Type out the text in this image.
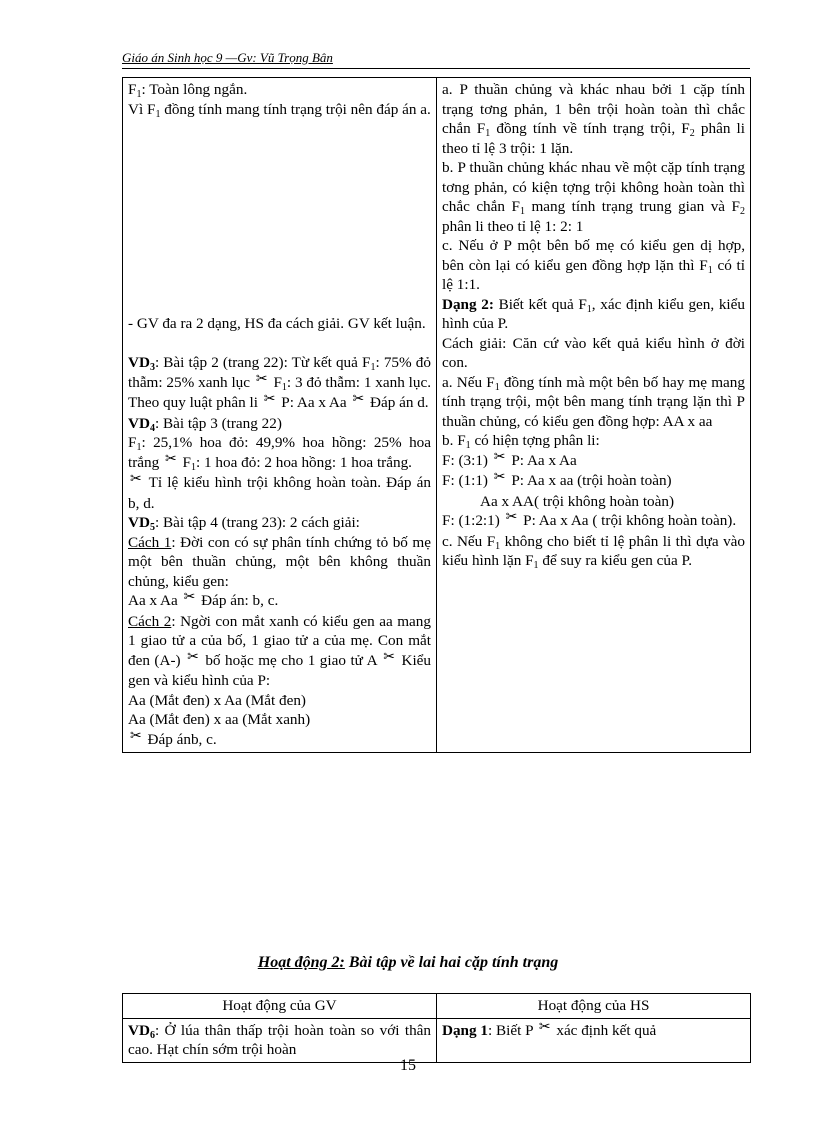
Giáo án Sinh học 9 —Gv: Vũ Trọng Bân

$F_1$: Toàn lông ngắn.

Vì $F_1$ đồng tính mang tính trạng trội nên đáp án a.

- GV đa ra 2 dạng, HS đa cách giải. GV kết luận.

$VD_3$: Bài tập 2 (trang 22): Từ kết quả $F_1$: 75% đỏ thẫm: 25% xanh lục ✂ $F_1$: 3 đỏ thẫm: 1 xanh lục. Theo quy luật phân li ✂ P: Aa x Aa ✂ Đáp án d.

$VD_4$: Bài tập 3 (trang 22)

$F_1$: 25,1% hoa đỏ: 49,9% hoa hồng: 25% hoa trắng ✂ $F_1$: 1 hoa đỏ: 2 hoa hồng: 1 hoa trắng.

✂ Tỉ lệ kiểu hình trội không hoàn toàn. Đáp án b, d.

$VD_5$: Bài tập 4 (trang 23): 2 cách giải:

Cách 1: Đời con có sự phân tính chứng tỏ bố mẹ một bên thuần chủng, một bên không thuần chủng, kiểu gen:

Aa x Aa ✂ Đáp án: b, c.

Cách 2: Ngời con mắt xanh có kiểu gen aa mang 1 giao tử a của bố, 1 giao tử a của mẹ. Con mắt đen (A-) ✂ bố hoặc mẹ cho 1 giao tử A ✂ Kiểu gen và kiểu hình của P:

Aa (Mắt đen) x Aa (Mắt đen)

Aa (Mắt đen) x aa (Mắt xanh)

✂ Đáp ánb, c.

a. P thuần chủng và khác nhau bởi 1 cặp tính trạng tơng phản, 1 bên trội hoàn toàn thì chắc chắn $F_1$ đồng tính về tính trạng trội, $F_2$ phân li theo tỉ lệ 3 trội: 1 lặn.

b. P thuần chủng khác nhau về một cặp tính trạng tơng phản, có kiện tợng trội không hoàn toàn thì chắc chắn $F_1$ mang tính trạng trung gian và $F_2$ phân li theo tỉ lệ 1: 2: 1

c. Nếu ở P một bên bố mẹ có kiểu gen dị hợp, bên còn lại có kiểu gen đồng hợp lặn thì $F_1$ có tỉ lệ 1:1.

Dạng 2: Biết kết quả $F_1$, xác định kiểu gen, kiểu hình của P.

Cách giải: Căn cứ vào kết quả kiểu hình ở đời con.

a. Nếu $F_1$ đồng tính mà một bên bố hay mẹ mang tính trạng trội, một bên mang tính trạng lặn thì P thuần chủng, có kiểu gen đồng hợp: AA x aa

b. $F_1$ có hiện tợng phân li:

F: (3:1) ✂ P: Aa x Aa

F: (1:1) ✂ P: Aa x aa (trội hoàn toàn)

Aa x AA( trội không hoàn toàn)

F: (1:2:1) ✂ P: Aa x Aa ( trội không hoàn toàn).

c. Nếu $F_1$ không cho biết tỉ lệ phân li thì dựa vào kiểu hình lặn $F_1$ để suy ra kiểu gen của P.

Hoạt động 2: Bài tập về lai hai cặp tính trạng
Hoạt động của GV	Hoạt động của HS

$VD_6$: Ở lúa thân thấp trội hoàn toàn so với thân cao. Hạt chín sớm trội hoàn	Dạng 1: Biết P ✂ xác định kết quả

15
